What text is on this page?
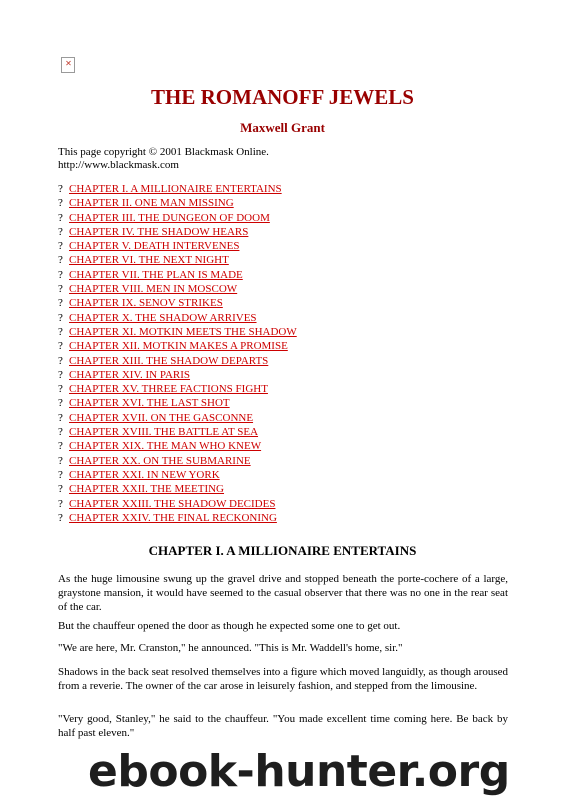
✕
THE ROMANOFF JEWELS
Maxwell Grant
This page copyright © 2001 Blackmask Online.
http://www.blackmask.com
? CHAPTER I. A MILLIONAIRE ENTERTAINS
? CHAPTER II. ONE MAN MISSING
? CHAPTER III. THE DUNGEON OF DOOM
? CHAPTER IV. THE SHADOW HEARS
? CHAPTER V. DEATH INTERVENES
? CHAPTER VI. THE NEXT NIGHT
? CHAPTER VII. THE PLAN IS MADE
? CHAPTER VIII. MEN IN MOSCOW
? CHAPTER IX. SENOV STRIKES
? CHAPTER X. THE SHADOW ARRIVES
? CHAPTER XI. MOTKIN MEETS THE SHADOW
? CHAPTER XII. MOTKIN MAKES A PROMISE
? CHAPTER XIII. THE SHADOW DEPARTS
? CHAPTER XIV. IN PARIS
? CHAPTER XV. THREE FACTIONS FIGHT
? CHAPTER XVI. THE LAST SHOT
? CHAPTER XVII. ON THE GASCONNE
? CHAPTER XVIII. THE BATTLE AT SEA
? CHAPTER XIX. THE MAN WHO KNEW
? CHAPTER XX. ON THE SUBMARINE
? CHAPTER XXI. IN NEW YORK
? CHAPTER XXII. THE MEETING
? CHAPTER XXIII. THE SHADOW DECIDES
? CHAPTER XXIV. THE FINAL RECKONING
CHAPTER I. A MILLIONAIRE ENTERTAINS

As the huge limousine swung up the gravel drive and stopped beneath the porte-cochere of a large, graystone mansion, it would have seemed to the casual observer that there was no one in the rear seat of the car.

But the chauffeur opened the door as though he expected some one to get out.

"We are here, Mr. Cranston," he announced. "This is Mr. Waddell's home, sir."

Shadows in the back seat resolved themselves into a figure which moved languidly, as though aroused from a reverie. The owner of the car arose in leisurely fashion, and stepped from the limousine.

"Very good, Stanley," he said to the chauffeur. "You made excellent time coming here. Be back by half past eleven."

ebook-hunter.org
